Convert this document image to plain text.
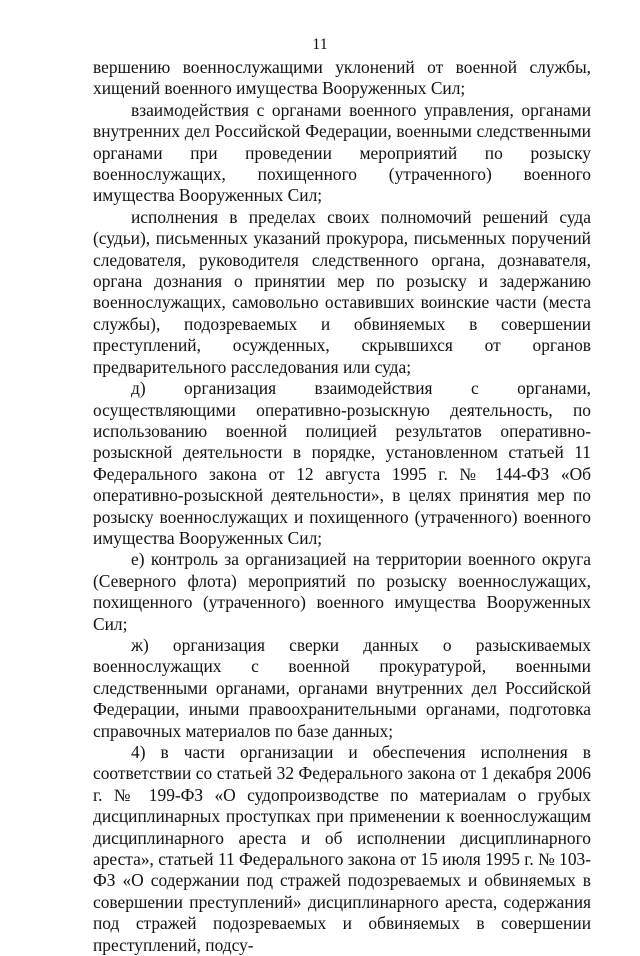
11

вершению военнослужащими уклонений от военной службы, хищений военного имущества Вооруженных Сил;

взаимодействия с органами военного управления, органами внутренних дел Российской Федерации, военными следственными органами при проведении мероприятий по розыску военнослужащих, похищенного (утраченного) военного имущества Вооруженных Сил;

исполнения в пределах своих полномочий решений суда (судьи), письменных указаний прокурора, письменных поручений следователя, руководителя следственного органа, дознавателя, органа дознания о принятии мер по розыску и задержанию военнослужащих, самовольно оставивших воинские части (места службы), подозреваемых и обвиняемых в совершении преступлений, осужденных, скрывшихся от органов предварительного расследования или суда;

д) организация взаимодействия с органами, осуществляющими оперативно-розыскную деятельность, по использованию военной полицией результатов оперативно-розыскной деятельности в порядке, установленном статьей 11 Федерального закона от 12 августа 1995 г. № 144-ФЗ «Об оперативно-розыскной деятельности», в целях принятия мер по розыску военнослужащих и похищенного (утраченного) военного имущества Вооруженных Сил;

е) контроль за организацией на территории военного округа (Северного флота) мероприятий по розыску военнослужащих, похищенного (утраченного) военного имущества Вооруженных Сил;

ж) организация сверки данных о разыскиваемых военнослужащих с военной прокуратурой, военными следственными органами, органами внутренних дел Российской Федерации, иными правоохранительными органами, подготовка справочных материалов по базе данных;

4) в части организации и обеспечения исполнения в соответствии со статьей 32 Федерального закона от 1 декабря 2006 г. № 199-ФЗ «О судопроизводстве по материалам о грубых дисциплинарных проступках при применении к военнослужащим дисциплинарного ареста и об исполнении дисциплинарного ареста», статьей 11 Федерального закона от 15 июля 1995 г. № 103-ФЗ «О содержании под стражей подозреваемых и обвиняемых в совершении преступлений» дисциплинарного ареста, содержания под стражей подозреваемых и обвиняемых в совершении преступлений, подсу-
